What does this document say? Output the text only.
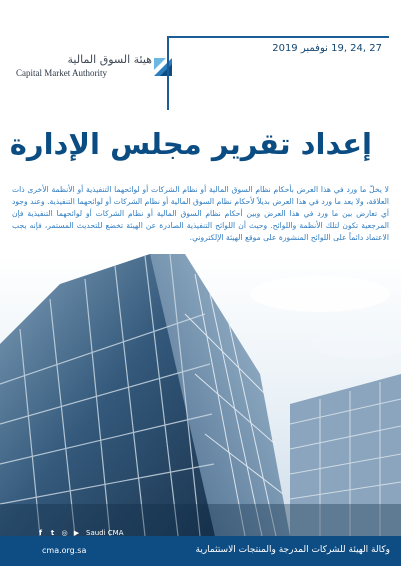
هيئة السوق المالية
Capital Market Authority
27 ,24 ,19 نوفمبر 2019
إعداد تقرير مجلس الإدارة
لا يخلّ ما ورد في هذا العرض بأحكام نظام السوق المالية أو نظام الشركات أو لوائحهما التنفيذية أو الأنظمة الأخرى ذات العلاقة، ولا يعد ما ورد في هذا العرض بديلاً لأحكام نظام السوق المالية أو نظام الشركات أو لوائحهما التنفيذية. وعند وجود أي تعارض بين ما ورد في هذا العرض وبين أحكام نظام السوق المالية أو نظام الشركات أو لوائحهما التنفيذية فإن المرجعية تكون لتلك الأنظمة واللوائح. وحيث أن اللوائح التنفيذية الصادرة عن الهيئة تخضع للتحديث المستمر، فإنه يجب الاعتماد دائماً على اللوائح المنشورة على موقع الهيئة الإلكتروني.
cma.org.sa	وكالة الهيئة للشركات المدرجة والمنتجات الاستثمارية
f	t	◎ ▶ Saudi CMA
